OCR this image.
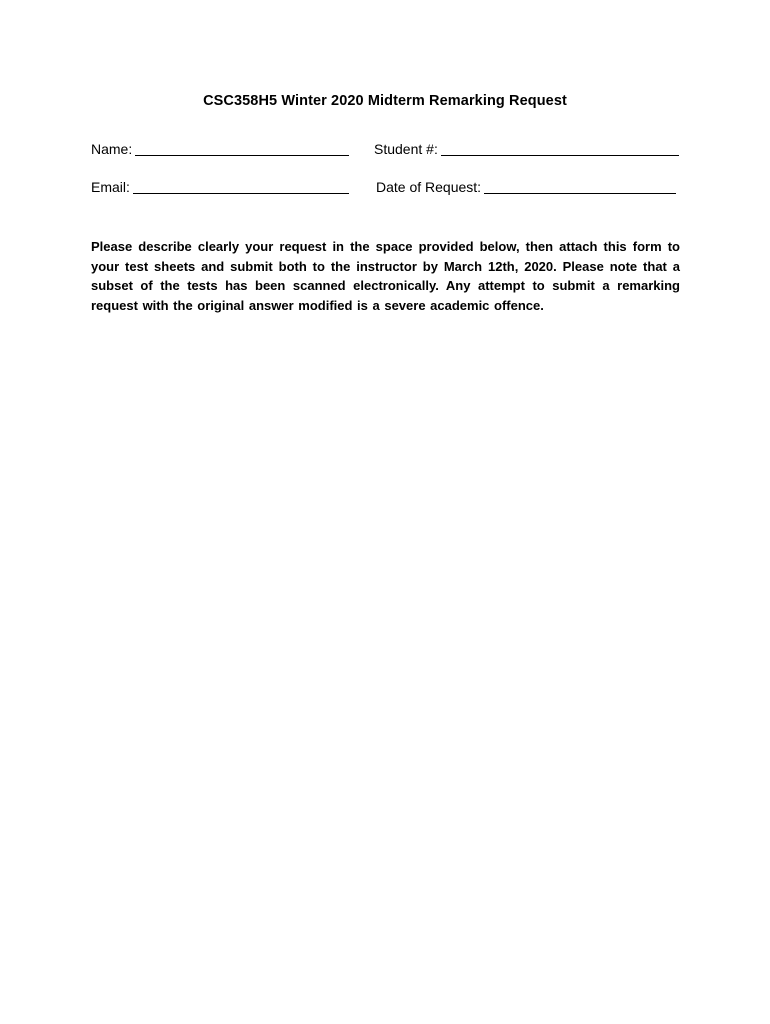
CSC358H5 Winter 2020 Midterm Remarking Request
Name:	Student #:
Email:	Date of Request:
Please describe clearly your request in the space provided below, then attach this form to your test sheets and submit both to the instructor by March 12th, 2020. Please note that a subset of the tests has been scanned electronically. Any attempt to submit a remarking request with the original answer modified is a severe academic offence.
